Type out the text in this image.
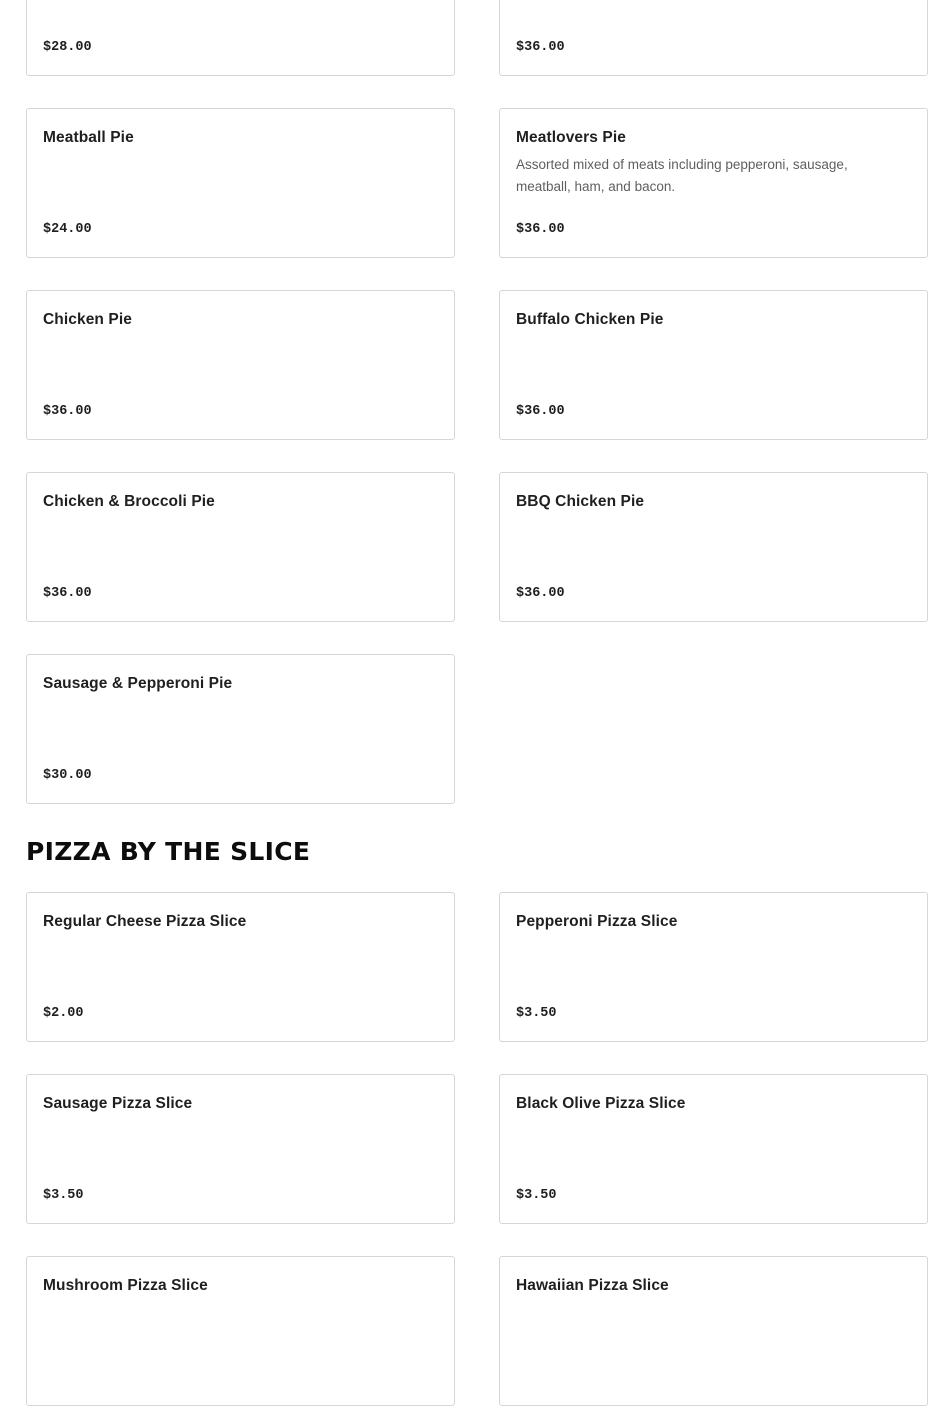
$28.00	$36.00
Meatball Pie
$24.00
Meatlovers Pie
Assorted mixed of meats including pepperoni, sausage, meatball, ham, and bacon.
$36.00
Chicken Pie
$36.00
Buffalo Chicken Pie
$36.00
Chicken & Broccoli Pie
$36.00
BBQ Chicken Pie
$36.00
Sausage & Pepperoni Pie
$30.00
PIZZA BY THE SLICE
Regular Cheese Pizza Slice
$2.00
Pepperoni Pizza Slice
$3.50
Sausage Pizza Slice
$3.50
Black Olive Pizza Slice
$3.50
Mushroom Pizza Slice	Hawaiian Pizza Slice
